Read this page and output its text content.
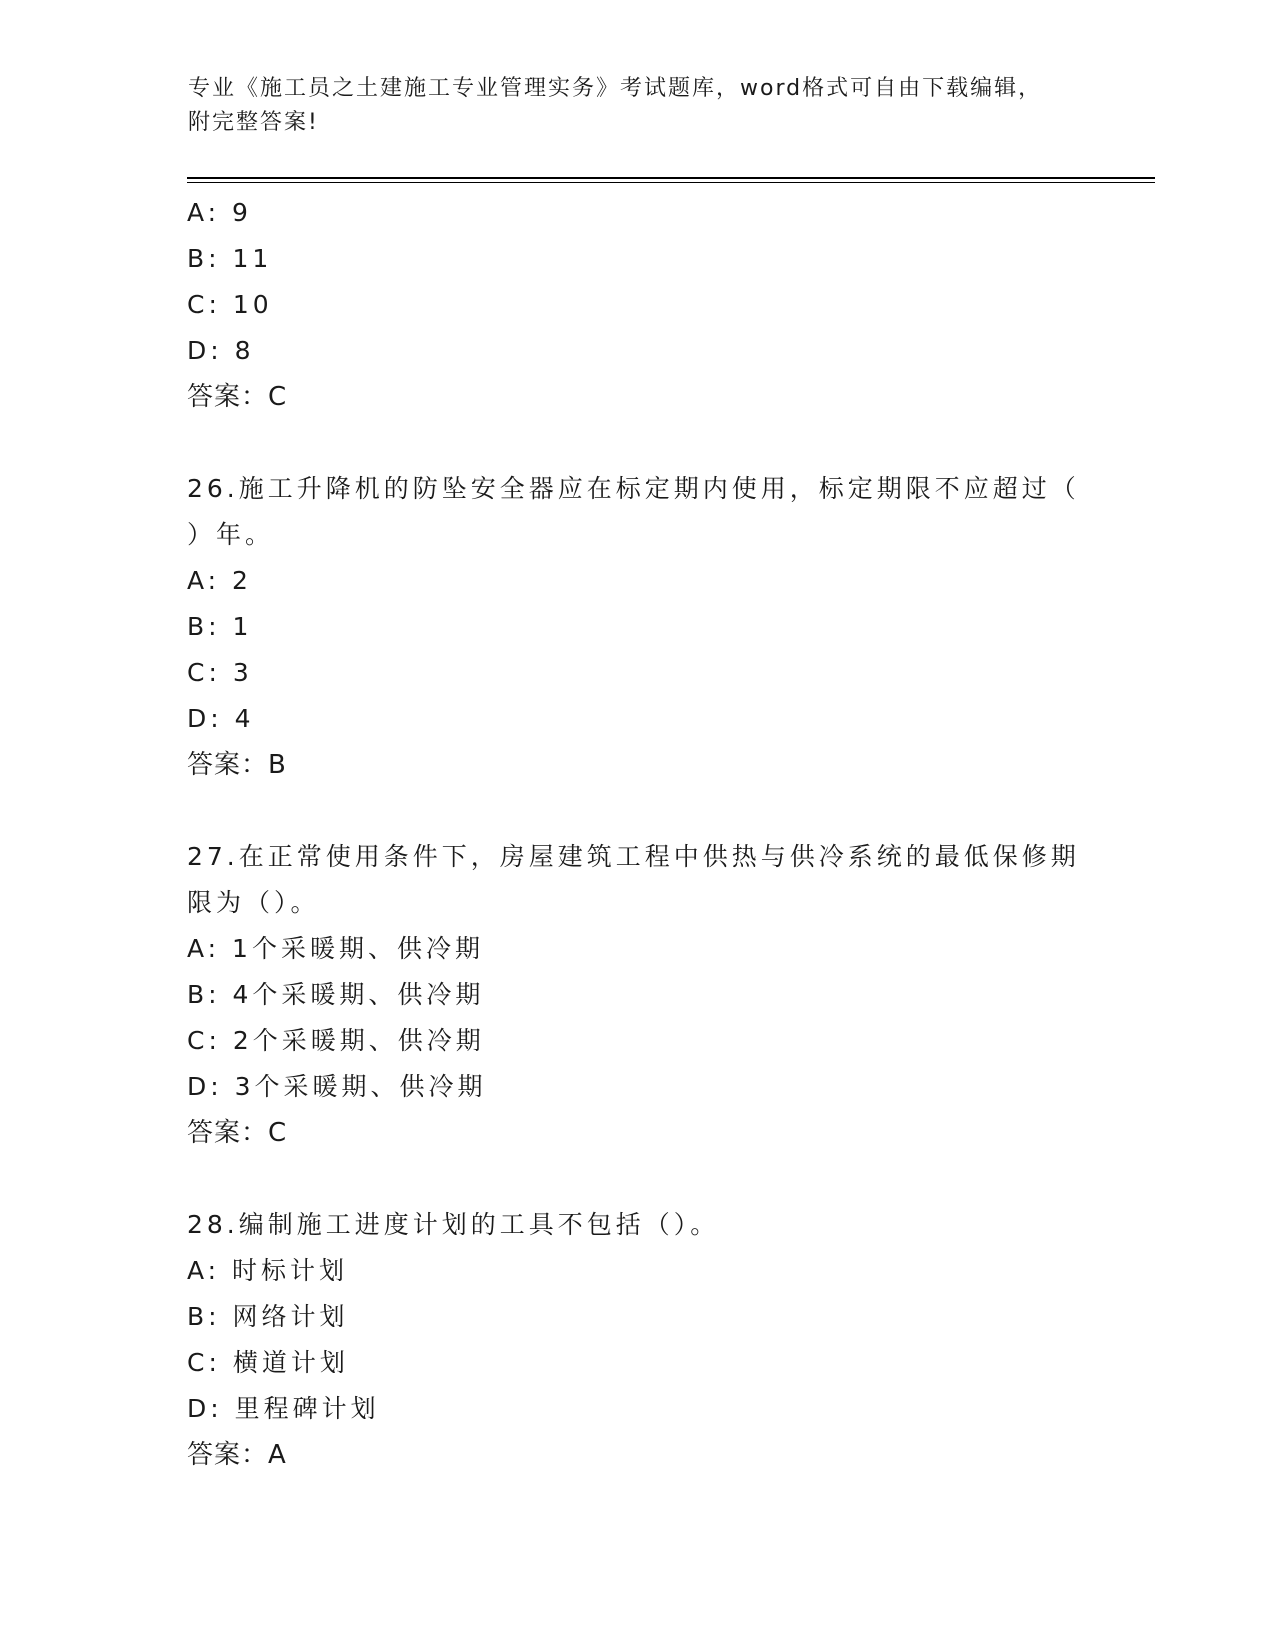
专业《施工员之土建施工专业管理实务》考试题库，word格式可自由下载编辑，
附完整答案!
A: 9
B: 11
C: 10
D: 8
答案：C
26.施工升降机的防坠安全器应在标定期内使用，标定期限不应超过（
）年。
A: 2
B: 1
C: 3
D: 4
答案：B
27.在正常使用条件下，房屋建筑工程中供热与供冷系统的最低保修期
限为（）。
A: 1个采暖期、供冷期
B: 4个采暖期、供冷期
C: 2个采暖期、供冷期
D: 3个采暖期、供冷期
答案：C
28.编制施工进度计划的工具不包括（）。
A: 时标计划
B: 网络计划
C: 横道计划
D: 里程碑计划
答案：A
